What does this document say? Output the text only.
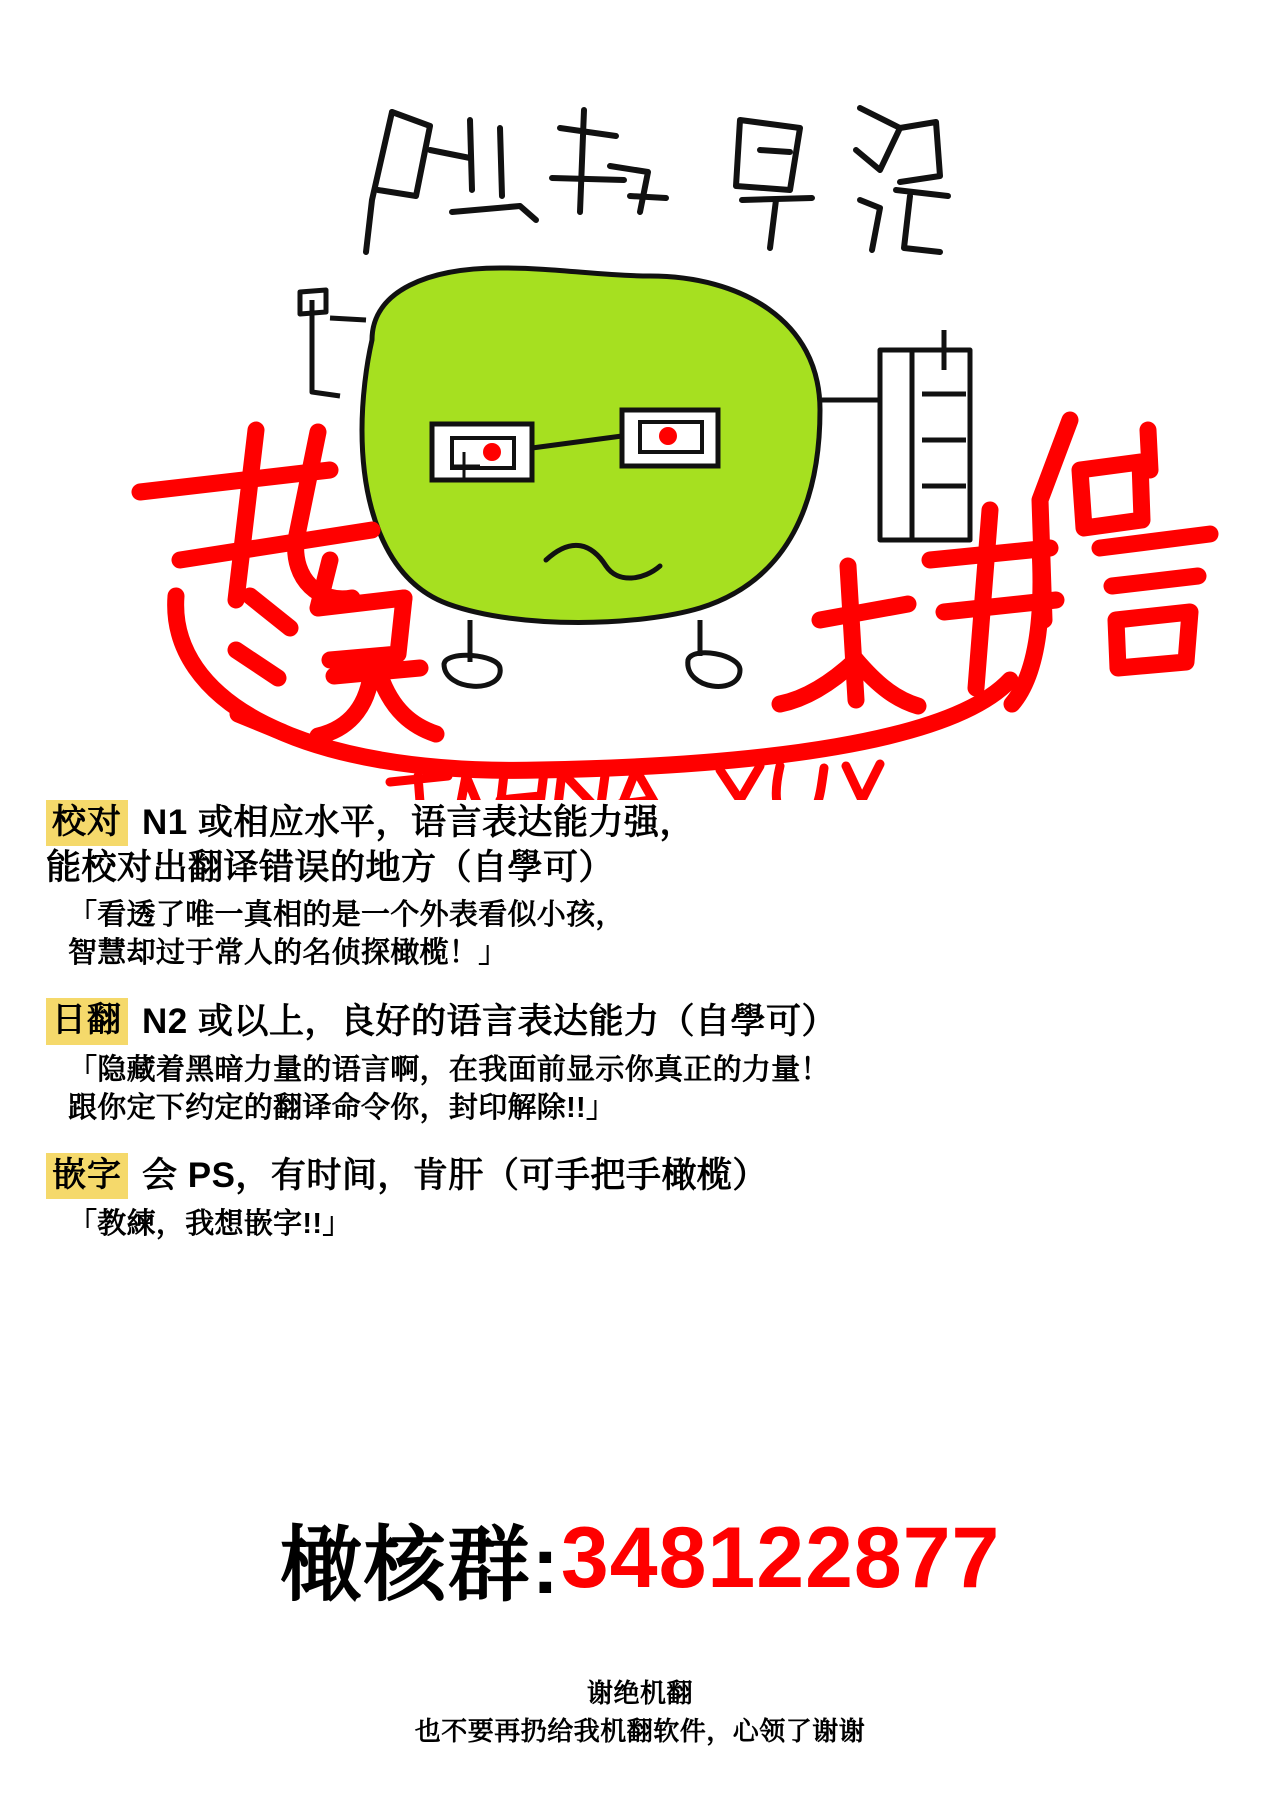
校对 N1 或相应水平，语言表达能力强，
能校对出翻译错误的地方（自學可）
「看透了唯一真相的是一个外表看似小孩，
智慧却过于常人的名侦探橄榄！」
日翻 N2 或以上，良好的语言表达能力（自學可）
「隐藏着黑暗力量的语言啊，在我面前显示你真正的力量！
跟你定下约定的翻译命令你，封印解除!!」
嵌字 会 PS，有时间，肯肝（可手把手橄榄）
「教練，我想嵌字!!」
橄核群:348122877
谢绝机翻
也不要再扔给我机翻软件，心领了谢谢
